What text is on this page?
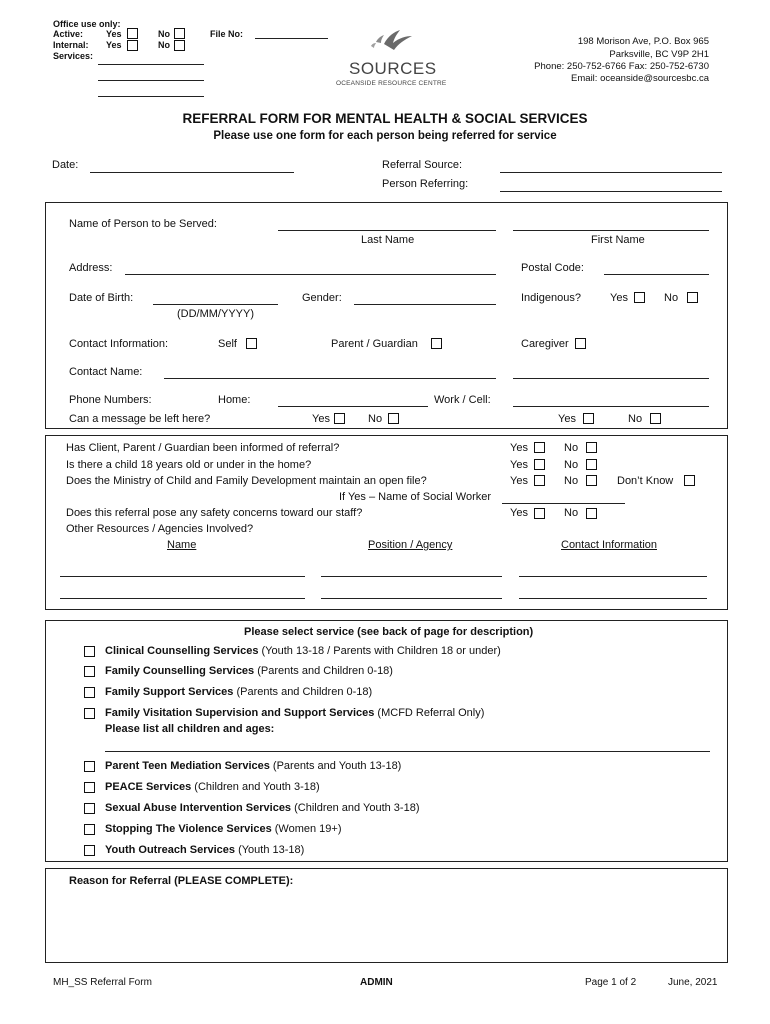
Office use only:
Active:	Yes	No
Internal: Yes	No
Services:
File No:
SOURCES
OCEANSIDE RESOURCE CENTRE
198 Morison Ave, P.O. Box 965
Parksville, BC V9P 2H1
Phone: 250-752-6766 Fax: 250-752-6730
Email: oceanside@sourcesbc.ca
REFERRAL FORM FOR MENTAL HEALTH & SOCIAL SERVICES
Please use one form for each person being referred for service
Date:	Referral Source:
Person Referring:
Name of Person to be Served:
Last Name	First Name
Address:	Postal Code:
Date of Birth:
(DD/MM/YYYY)
Gender:	Indigenous?	Yes	No
Contact Information:	Self	Parent / Guardian	Caregiver
Contact Name:
Phone Numbers:	Home:	Work / Cell:
Can a message be left here?	Yes	No	Yes	No
Has Client, Parent / Guardian been informed of referral?	Yes	No
Is there a child 18 years old or under in the home?	Yes	No
Does the Ministry of Child and Family Development maintain an open file?	Yes	No	Don’t Know
If Yes – Name of Social Worker
Does this referral pose any safety concerns toward our staff?	Yes	No
Other Resources / Agencies Involved?
Name	Position / Agency	Contact Information
Please select service (see back of page for description)
Clinical Counselling Services (Youth 13-18 / Parents with Children 18 or under)
Family Counselling Services (Parents and Children 0-18)
Family Support Services (Parents and Children 0-18)
Family Visitation Supervision and Support Services (MCFD Referral Only)
Please list all children and ages:
Parent Teen Mediation Services (Parents and Youth 13-18)
PEACE Services (Children and Youth 3-18)
Sexual Abuse Intervention Services (Children and Youth 3-18)
Stopping The Violence Services (Women 19+)
Youth Outreach Services (Youth 13-18)
Reason for Referral (PLEASE COMPLETE):
MH_SS Referral Form	ADMIN	Page 1 of 2	June, 2021
